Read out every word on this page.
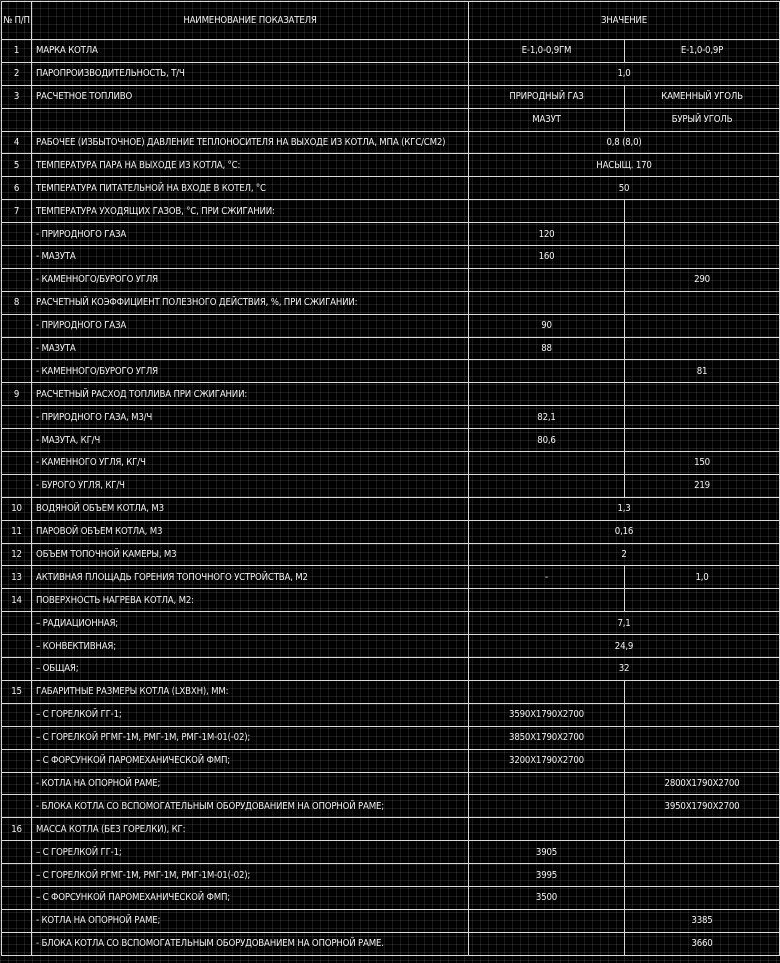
№ П/П	НАИМЕНОВАНИЕ ПОКАЗАТЕЛЯ	ЗНАЧЕНИЕ	
1	МАРКА КОТЛА	Е-1,0-0,9ГМ	Е-1,0-0,9Р
2	ПАРОПРОИЗВОДИТЕЛЬНОСТЬ, Т/Ч	1,0	
3	РАСЧЕТНОЕ ТОПЛИВО	ПРИРОДНЫЙ ГАЗ	КАМЕННЫЙ УГОЛЬ
		МАЗУТ	БУРЫЙ УГОЛЬ
4	РАБОЧЕЕ (ИЗБЫТОЧНОЕ) ДАВЛЕНИЕ ТЕПЛОНОСИТЕЛЯ НА ВЫХОДЕ ИЗ КОТЛА, МПА (КГС/СМ2)	0,8 (8,0)	
5	ТЕМПЕРАТУРА ПАРА НА ВЫХОДЕ ИЗ КОТЛА, °С:	НАСЫЩ. 170	
6	ТЕМПЕРАТУРА ПИТАТЕЛЬНОЙ НА ВХОДЕ В КОТЕЛ, °С	50	
7	ТЕМПЕРАТУРА УХОДЯЩИХ ГАЗОВ, °С, ПРИ СЖИГАНИИ:		
	- ПРИРОДНОГО ГАЗА	120	
	- МАЗУТА	160	
	- КАМЕННОГО/БУРОГО УГЛЯ		290
8	РАСЧЕТНЫЙ КОЭФФИЦИЕНТ ПОЛЕЗНОГО ДЕЙСТВИЯ, %, ПРИ СЖИГАНИИ:		
	- ПРИРОДНОГО ГАЗА	90	
	- МАЗУТА	88	
	- КАМЕННОГО/БУРОГО УГЛЯ		81
9	РАСЧЕТНЫЙ РАСХОД ТОПЛИВА ПРИ СЖИГАНИИ:		
	- ПРИРОДНОГО ГАЗА, М3/Ч	82,1	
	- МАЗУТА, КГ/Ч	80,6	
	- КАМЕННОГО УГЛЯ, КГ/Ч		150
	- БУРОГО УГЛЯ, КГ/Ч		219
10	ВОДЯНОЙ ОБЪЕМ КОТЛА, М3	1,3	
11	ПАРОВОЙ ОБЪЕМ КОТЛА, М3	0,16	
12	ОБЪЕМ ТОПОЧНОЙ КАМЕРЫ, М3	2	
13	АКТИВНАЯ ПЛОЩАДЬ ГОРЕНИЯ ТОПОЧНОГО УСТРОЙСТВА, М2	-	1,0
14	ПОВЕРХНОСТЬ НАГРЕВА КОТЛА, М2:		
	– РАДИАЦИОННАЯ;	7,1	
	– КОНВЕКТИВНАЯ;	24,9	
	– ОБЩАЯ;	32	
15	ГАБАРИТНЫЕ РАЗМЕРЫ КОТЛА (LXBXH), ММ:		
	– С ГОРЕЛКОЙ ГГ-1;	3590Х1790Х2700	
	– С ГОРЕЛКОЙ РГМГ-1М, РМГ-1М, РМГ-1М-01(-02);	3850Х1790Х2700	
	– С ФОРСУНКОЙ ПАРОМЕХАНИЧЕСКОЙ ФМП;	3200Х1790Х2700	
	- КОТЛА НА ОПОРНОЙ РАМЕ;		2800Х1790Х2700
	- БЛОКА КОТЛА СО ВСПОМОГАТЕЛЬНЫМ ОБОРУДОВАНИЕМ НА ОПОРНОЙ РАМЕ;		3950Х1790Х2700
16	МАССА КОТЛА (БЕЗ ГОРЕЛКИ), КГ:		
	– С ГОРЕЛКОЙ ГГ-1;	3905	
	– С ГОРЕЛКОЙ РГМГ-1М, РМГ-1М, РМГ-1М-01(-02);	3995	
	– С ФОРСУНКОЙ ПАРОМЕХАНИЧЕСКОЙ ФМП;	3500	
	- КОТЛА НА ОПОРНОЙ РАМЕ;		3385
	- БЛОКА КОТЛА СО ВСПОМОГАТЕЛЬНЫМ ОБОРУДОВАНИЕМ НА ОПОРНОЙ РАМЕ.		3660
